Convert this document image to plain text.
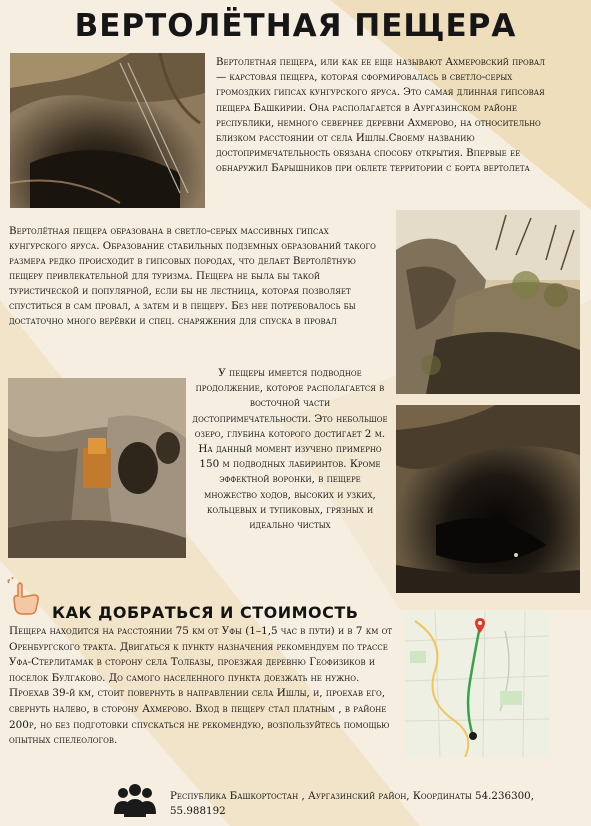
ВЕРТОЛЁТНАЯ ПЕЩЕРА
Вертолетная пещера, или как ее еще называют Ахмеровский провал — карстовая пещера, которая сформировалась в светло-серых громоздких гипсах кунгурского яруса. Это самая длинная гипсовая пещера Башкирии. Она располагается в Аургазинском районе республики, немного севернее деревни Ахмерово, на относительно близком расстоянии от села Ишлы.Своему названию достопримечательность обязана способу открытия. Впервые ее обнаружил Барышников при облете территории с борта вертолета
Вертолётная пещера образована в светло-серых массивных гипсах кунгурского яруса. Образование стабильных подземных образований такого размера редко происходит в гипсовых породах, что делает Вертолётную пещеру привлекательной для туризма. Пещера не была бы такой туристической и популярной, если бы не лестница, которая позволяет спуститься в сам провал, а затем и в пещеру. Без нее потребовалось бы достаточно много верёвки и спец. снаряжения для спуска в провал
У пещеры имеется подводное продолжение, которое располагается в восточной части достопримечательности. Это небольшое озеро, глубина которого достигает 2 м. На данный момент изучено примерно 150 м подводных лабиринтов. Кроме эффектной воронки, в пещере множество ходов, высоких и узких, кольцевых и тупиковых, грязных и идеально чистых
КАК ДОБРАТЬСЯ И СТОИМОСТЬ
Пещера находится на расстоянии 75 км от Уфы (1–1,5 час в пути) и в 7 км от Оренбургского тракта. Двигаться к пункту назначения рекомендуем по трассе Уфа-Стерлитамак в сторону села Толбазы, проезжая деревню Геофизиков и поселок Булгаково. До самого населенного пункта доезжать не нужно. Проехав 39-й км, стоит повернуть в направлении села Ишлы, и, проехав его, свернуть налево, в сторону Ахмерово. Вход в пещеру стал платным , в районе 200р, но без подготовки спускаться не рекомендую, возпользуйтесь помощью опытных спелеологов.
Республика Башкортостан , Аургазинский район, Координаты 54.236300, 55.988192
